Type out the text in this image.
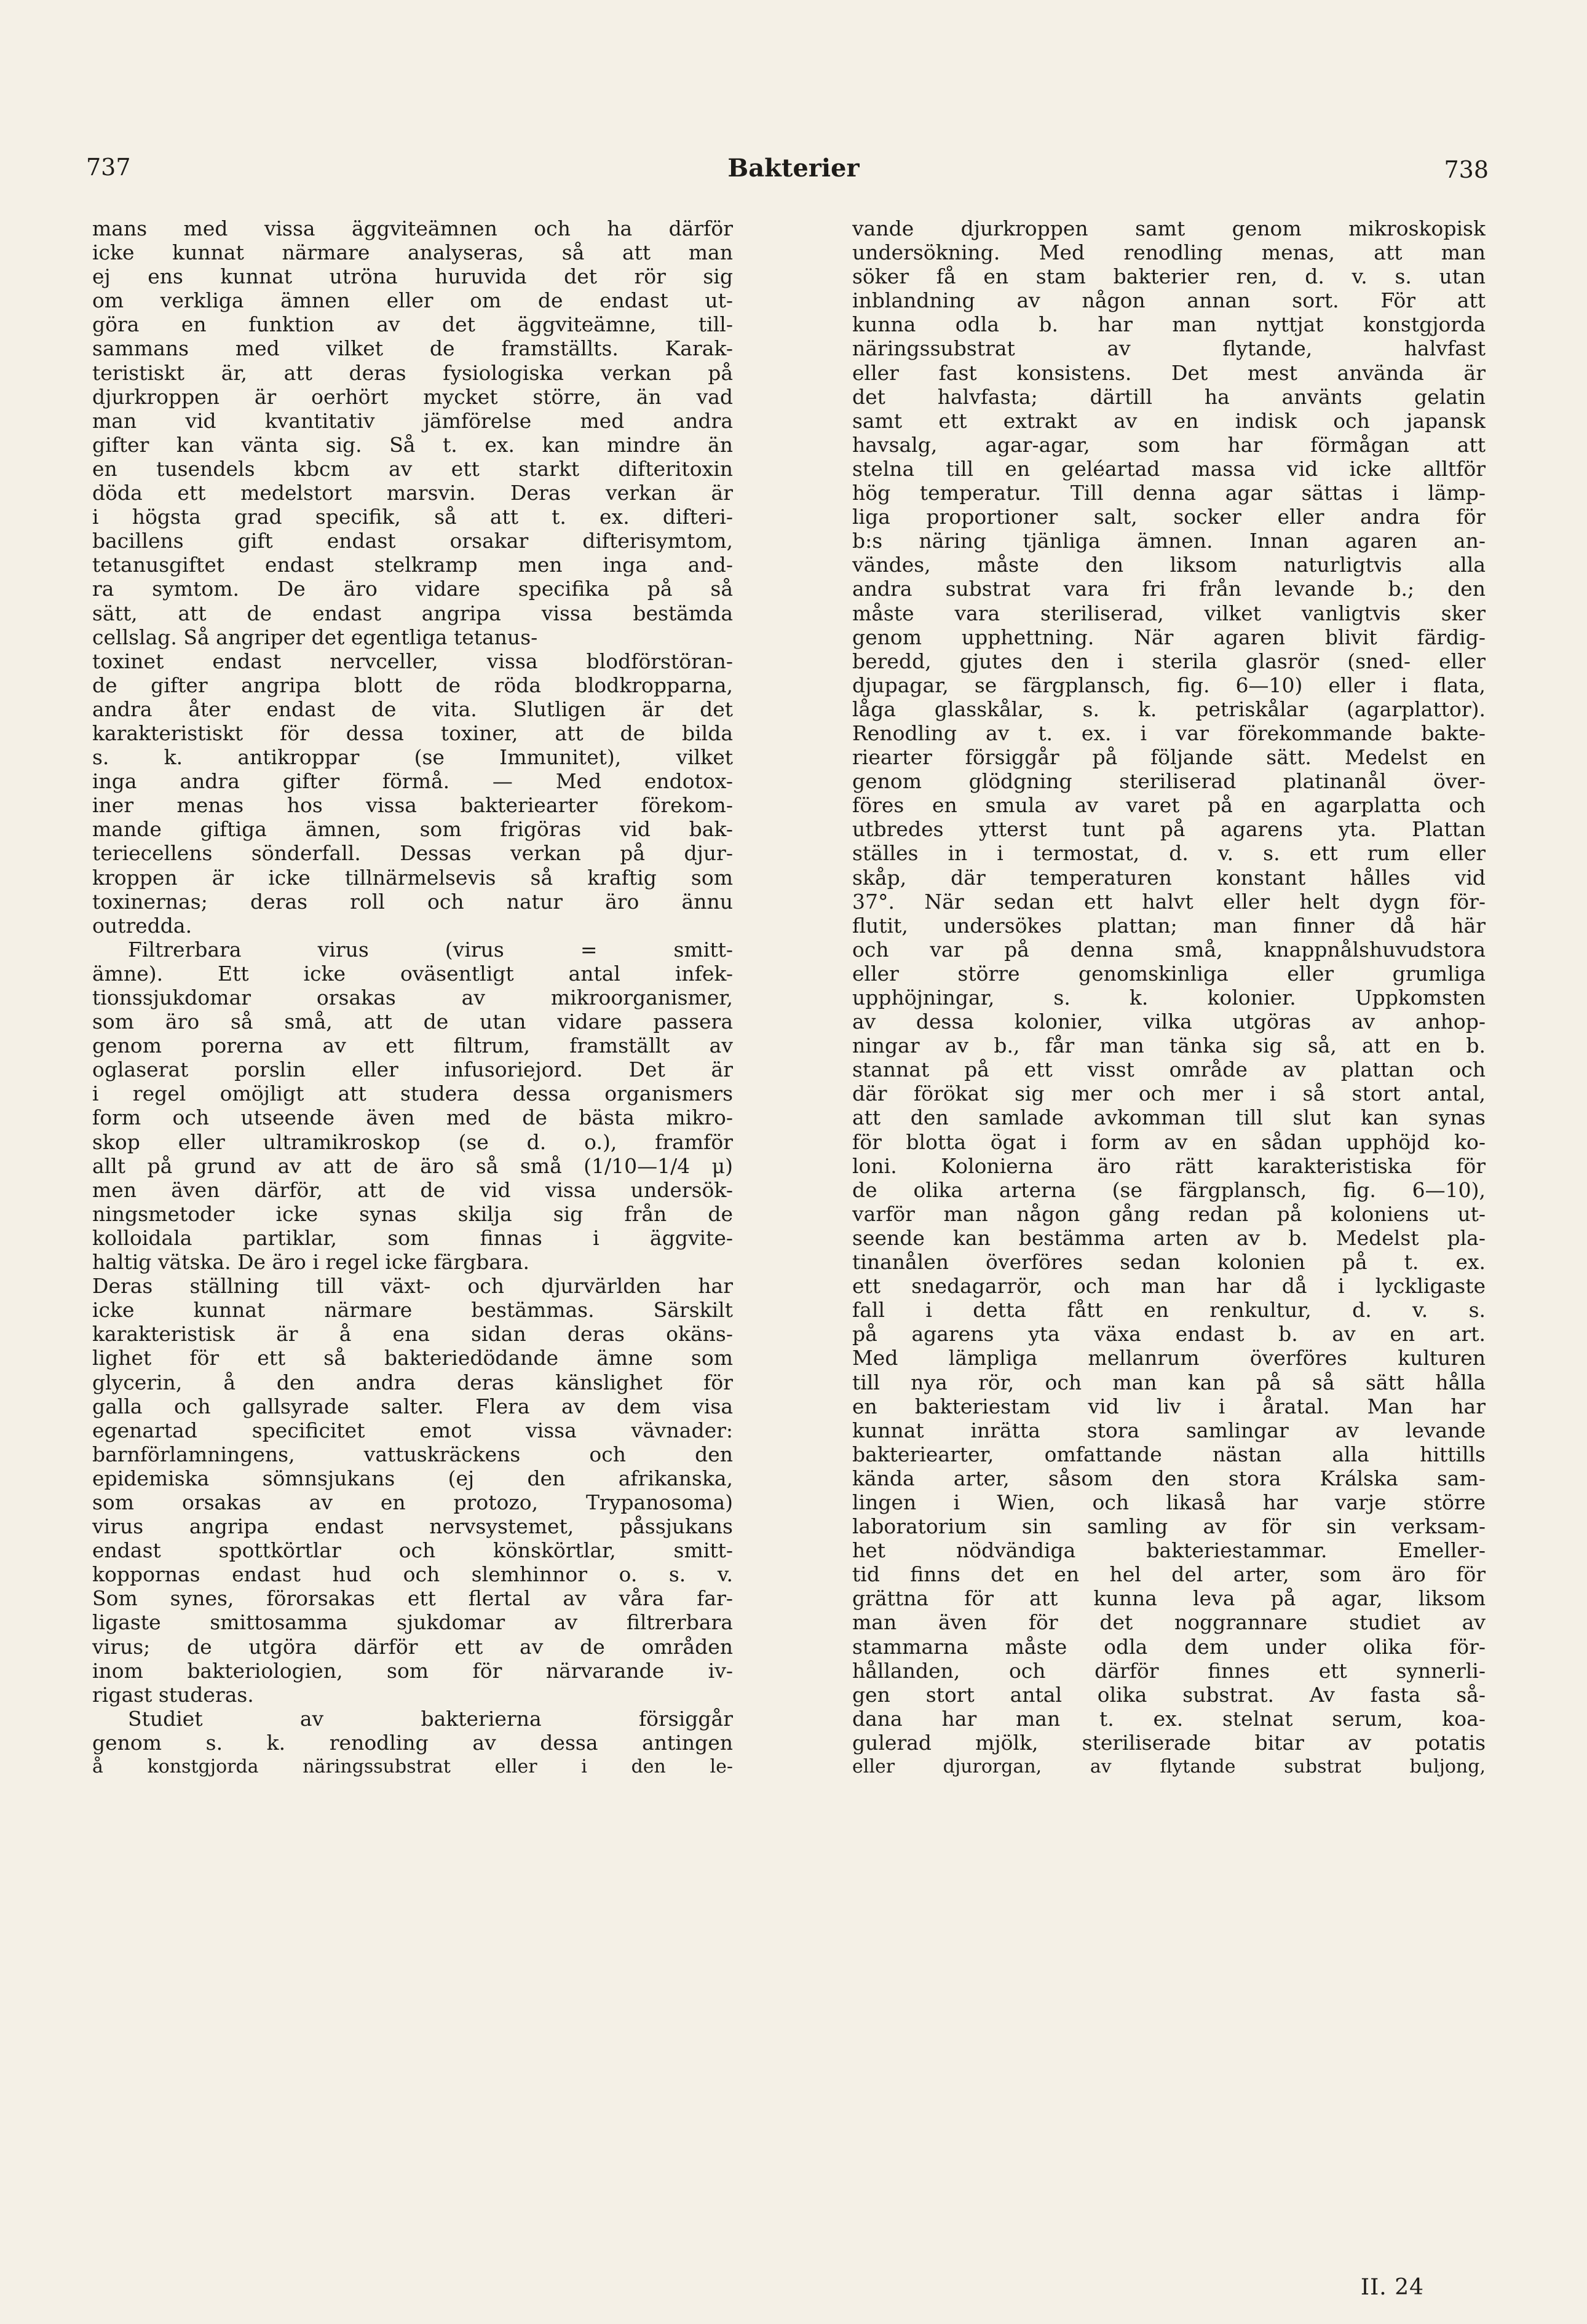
737	Bakterier	738
mans med vissa äggviteämnen och ha därför
icke kunnat närmare analyseras, så att man
ej ens kunnat utröna huruvida det rör sig
om verkliga ämnen eller om de endast ut-
göra en funktion av det äggviteämne, till-
sammans med vilket de framställts. Karak-
teristiskt är, att deras fysiologiska verkan på
djurkroppen är oerhört mycket större, än vad
man vid kvantitativ jämförelse med andra
gifter kan vänta sig. Så t. ex. kan mindre än
en tusendels kbcm av ett starkt difteritoxin
döda ett medelstort marsvin. Deras verkan är
i högsta grad specifik, så att t. ex. difteri-
bacillens gift endast orsakar difterisymtom,
tetanusgiftet endast stelkramp men inga and-
ra symtom. De äro vidare specifika på så
sätt, att de endast angripa vissa bestämda
cellslag. Så angriper det egentliga tetanus-
toxinet endast nervceller, vissa blodförstöran-
de gifter angripa blott de röda blodkropparna,
andra åter endast de vita. Slutligen är det
karakteristiskt för dessa toxiner, att de bilda
s. k. antikroppar (se Immunitet), vilket
inga andra gifter förmå. — Med endotox-
iner menas hos vissa bakteriearter förekom-
mande giftiga ämnen, som frigöras vid bak-
teriecellens sönderfall. Dessas verkan på djur-
kroppen är icke tillnärmelsevis så kraftig som
toxinernas; deras roll och natur äro ännu
outredda.
Filtrerbara virus (virus = smitt-
ämne). Ett icke oväsentligt antal infek-
tionssjukdomar orsakas av mikroorganismer,
som äro så små, att de utan vidare passera
genom porerna av ett filtrum, framställt av
oglaserat porslin eller infusoriejord. Det är
i regel omöjligt att studera dessa organismers
form och utseende även med de bästa mikro-
skop eller ultramikroskop (se d. o.), framför
allt på grund av att de äro så små (1/10—1/4 μ)
men även därför, att de vid vissa undersök-
ningsmetoder icke synas skilja sig från de
kolloidala partiklar, som finnas i äggvite-
haltig vätska. De äro i regel icke färgbara.
Deras ställning till växt- och djurvärlden har
icke kunnat närmare bestämmas. Särskilt
karakteristisk är å ena sidan deras okäns-
lighet för ett så bakteriedödande ämne som
glycerin, å den andra deras känslighet för
galla och gallsyrade salter. Flera av dem visa
egenartad specificitet emot vissa vävnader:
barnförlamningens, vattuskräckens och den
epidemiska sömnsjukans (ej den afrikanska,
som orsakas av en protozo, Trypanosoma)
virus angripa endast nervsystemet, påssjukans
endast spottkörtlar och könskörtlar, smitt-
koppornas endast hud och slemhinnor o. s. v.
Som synes, förorsakas ett flertal av våra far-
ligaste smittosamma sjukdomar av filtrerbara
virus; de utgöra därför ett av de områden
inom bakteriologien, som för närvarande iv-
rigast studeras.
Studiet av bakterierna försiggår
genom s. k. renodling av dessa antingen
å konstgjorda näringssubstrat eller i den le-
vande djurkroppen samt genom mikroskopisk
undersökning. Med renodling menas, att man
söker få en stam bakterier ren, d. v. s. utan
inblandning av någon annan sort. För att
kunna odla b. har man nyttjat konstgjorda
näringssubstrat av flytande, halvfast
eller fast konsistens. Det mest använda är
det halvfasta; därtill ha använts gelatin
samt ett extrakt av en indisk och japansk
havsalg, agar-agar, som har förmågan att
stelna till en geléartad massa vid icke alltför
hög temperatur. Till denna agar sättas i lämp-
liga proportioner salt, socker eller andra för
b:s näring tjänliga ämnen. Innan agaren an-
vändes, måste den liksom naturligtvis alla
andra substrat vara fri från levande b.; den
måste vara steriliserad, vilket vanligtvis sker
genom upphettning. När agaren blivit färdig-
beredd, gjutes den i sterila glasrör (sned- eller
djupagar, se färgplansch, fig. 6—10) eller i flata,
låga glasskålar, s. k. petriskålar (agarplattor).
Renodling av t. ex. i var förekommande bakte-
riearter försiggår på följande sätt. Medelst en
genom glödgning steriliserad platinanål över-
föres en smula av varet på en agarplatta och
utbredes ytterst tunt på agarens yta. Plattan
ställes in i termostat, d. v. s. ett rum eller
skåp, där temperaturen konstant hålles vid
37°. När sedan ett halvt eller helt dygn för-
flutit, undersökes plattan; man finner då här
och var på denna små, knappnålshuvudstora
eller större genomskinliga eller grumliga
upphöjningar, s. k. kolonier. Uppkomsten
av dessa kolonier, vilka utgöras av anhop-
ningar av b., får man tänka sig så, att en b.
stannat på ett visst område av plattan och
där förökat sig mer och mer i så stort antal,
att den samlade avkomman till slut kan synas
för blotta ögat i form av en sådan upphöjd ko-
loni. Kolonierna äro rätt karakteristiska för
de olika arterna (se färgplansch, fig. 6—10),
varför man någon gång redan på koloniens ut-
seende kan bestämma arten av b. Medelst pla-
tinanålen överföres sedan kolonien på t. ex.
ett snedagarrör, och man har då i lyckligaste
fall i detta fått en renkultur, d. v. s.
på agarens yta växa endast b. av en art.
Med lämpliga mellanrum överföres kulturen
till nya rör, och man kan på så sätt hålla
en bakteriestam vid liv i åratal. Man har
kunnat inrätta stora samlingar av levande
bakteriearter, omfattande nästan alla hittills
kända arter, såsom den stora Králska sam-
lingen i Wien, och likaså har varje större
laboratorium sin samling av för sin verksam-
het nödvändiga bakteriestammar. Emeller-
tid finns det en hel del arter, som äro för
grättna för att kunna leva på agar, liksom
man även för det noggrannare studiet av
stammarna måste odla dem under olika för-
hållanden, och därför finnes ett synnerli-
gen stort antal olika substrat. Av fasta så-
dana har man t. ex. stelnat serum, koa-
gulerad mjölk, steriliserade bitar av potatis
eller djurorgan, av flytande substrat buljong,
II. 24
